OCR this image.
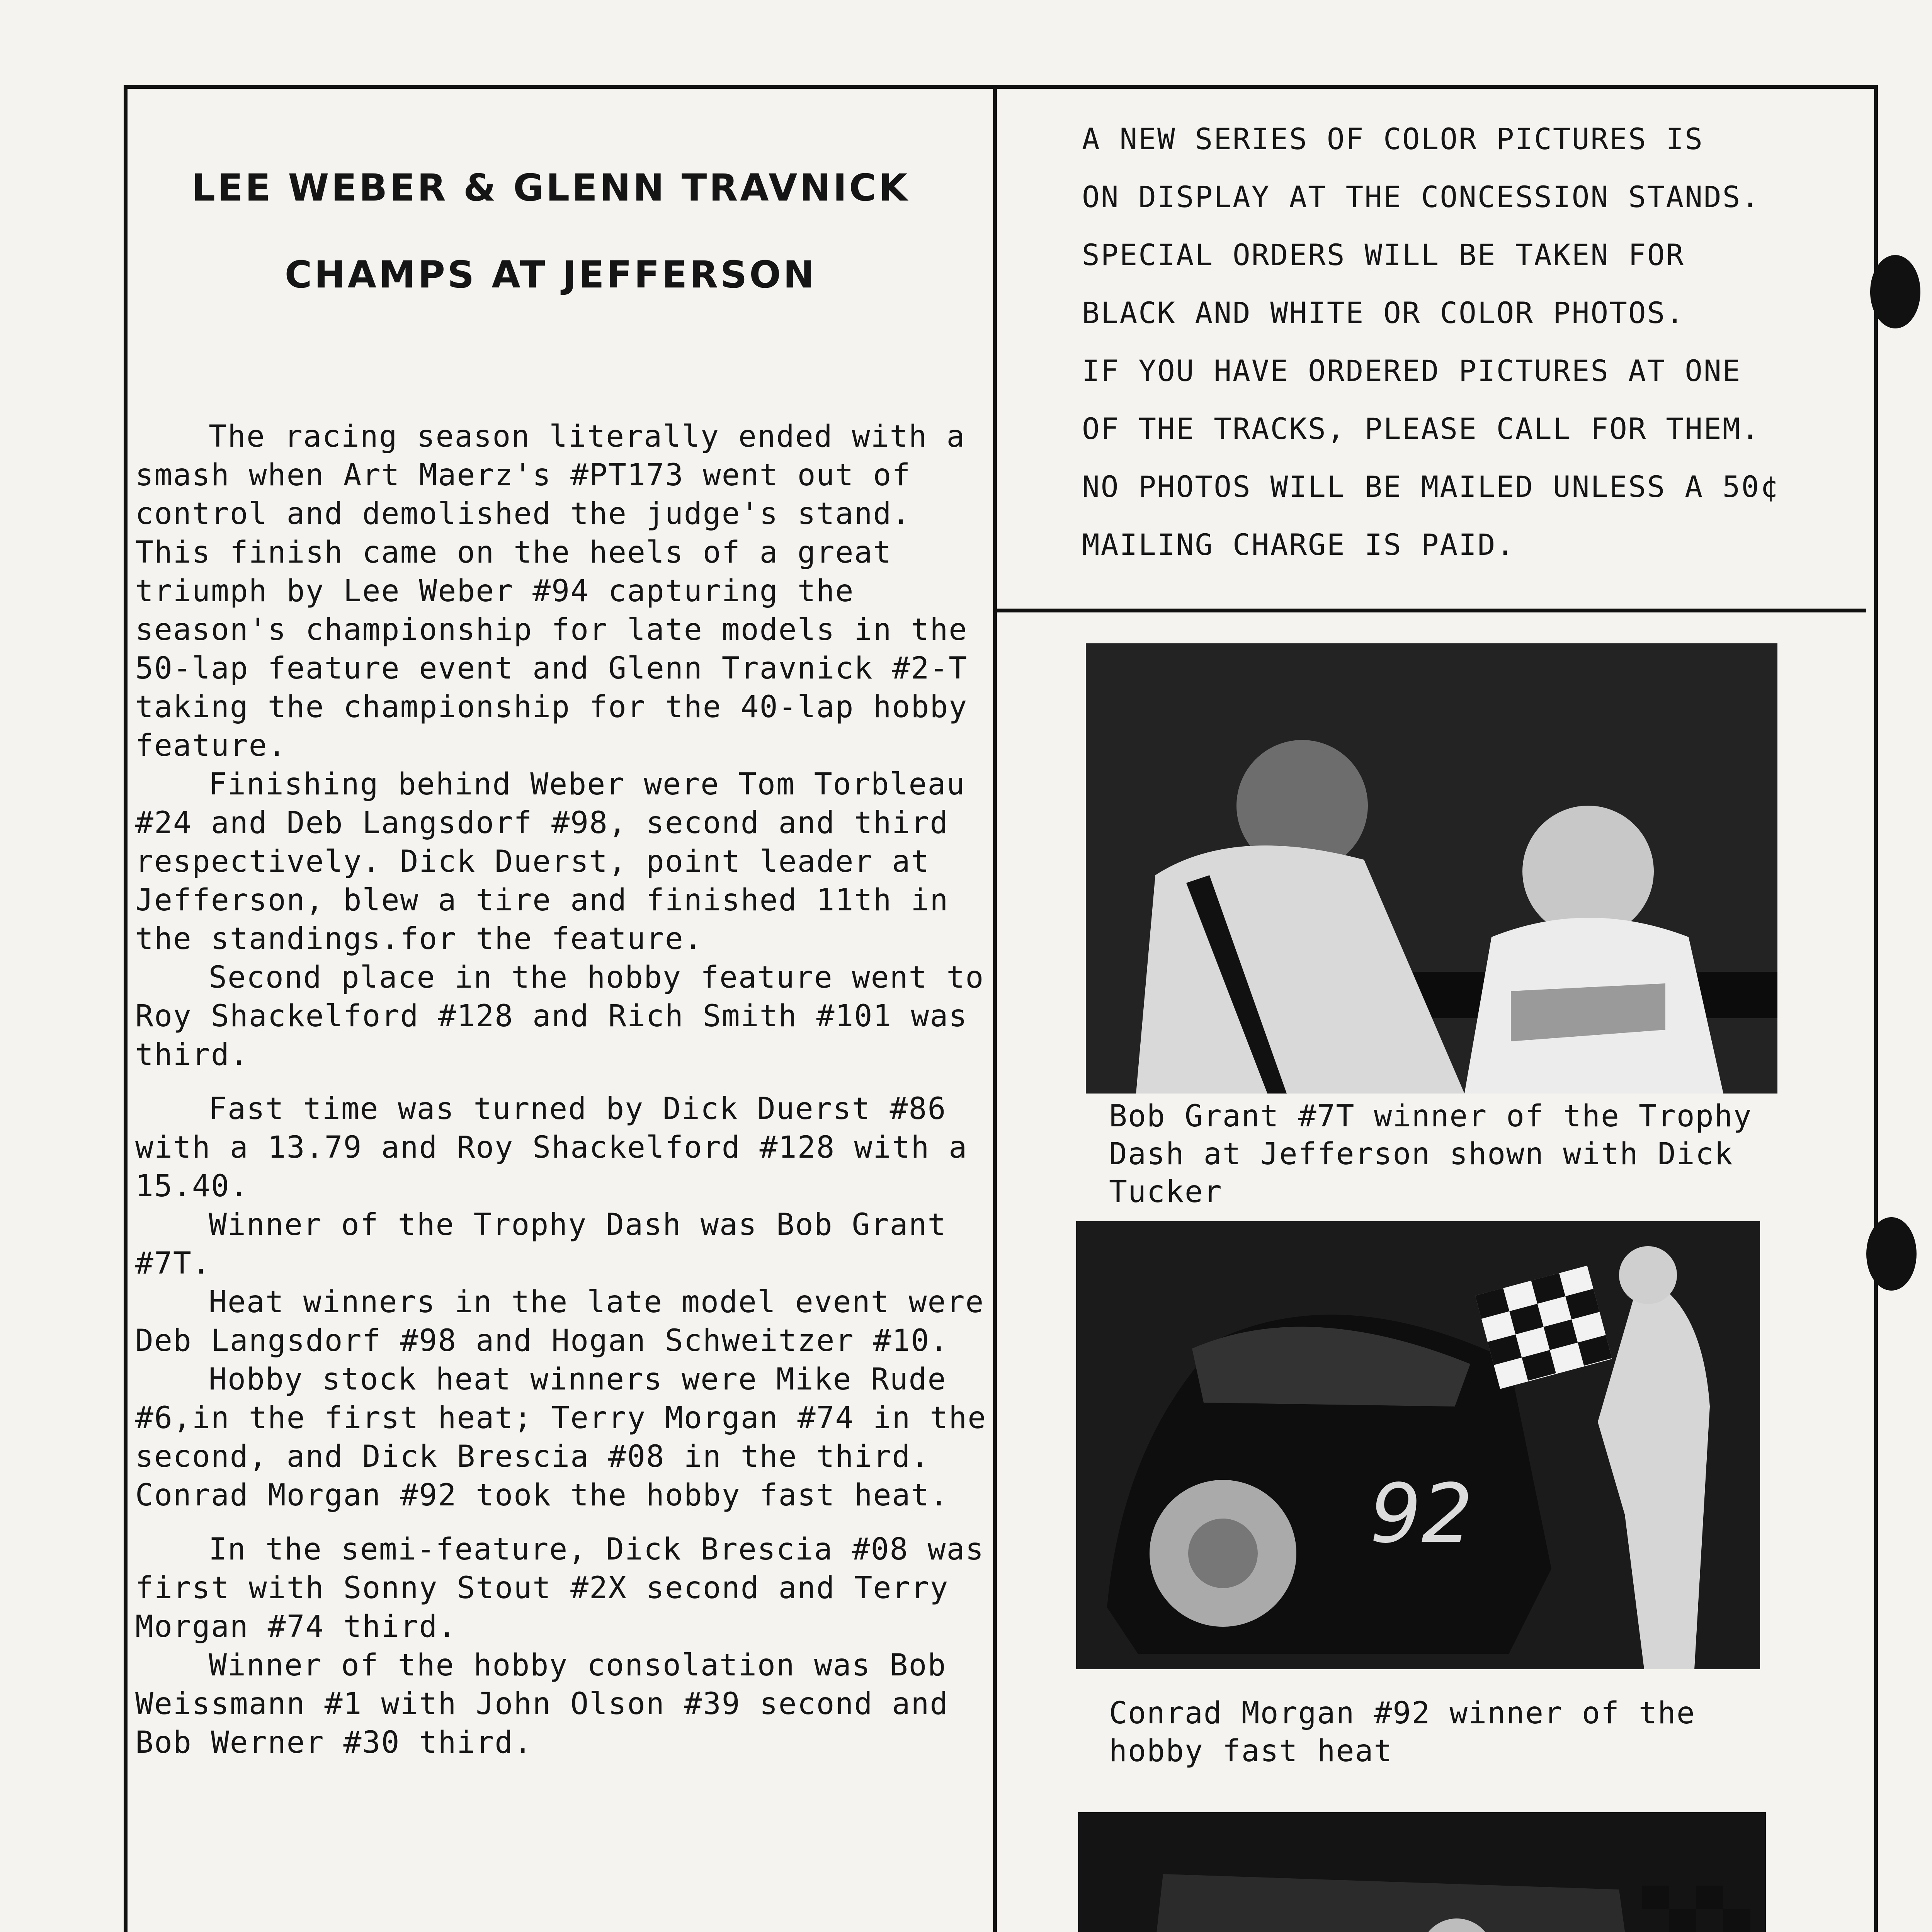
LEE WEBER & GLENN TRAVNICK
CHAMPS AT JEFFERSON

The racing season literally ended with a smash when Art Maerz's #PT173 went out of control and demolished the judge's stand. This finish came on the heels of a great triumph by Lee Weber #94 capturing the season's championship for late models in the 50-lap feature event and Glenn Travnick #2-T taking the championship for the 40-lap hobby feature.

Finishing behind Weber were Tom Torbleau #24 and Deb Langsdorf #98, second and third respectively. Dick Duerst, point leader at Jefferson, blew a tire and finished 11th in the standings.for the feature.

Second place in the hobby feature went to Roy Shackelford #128 and Rich Smith #101 was third.

Fast time was turned by Dick Duerst #86 with a 13.79 and Roy Shackelford #128 with a 15.40.

Winner of the Trophy Dash was Bob Grant #7T.

Heat winners in the late model event were Deb Langsdorf #98 and Hogan Schweitzer #10.

Hobby stock heat winners were Mike Rude #6,in the first heat; Terry Morgan #74 in the second, and Dick Brescia #08 in the third. Conrad Morgan #92 took the hobby fast heat.

In the semi-feature, Dick Brescia #08 was first with Sonny Stout #2X second and Terry Morgan #74 third.

Winner of the hobby consolation was Bob Weissmann #1 with John Olson #39 second and Bob Werner #30 third.

A NEW SERIES OF COLOR PICTURES IS

ON DISPLAY AT THE CONCESSION STANDS.

SPECIAL ORDERS WILL BE TAKEN FOR

BLACK AND WHITE OR COLOR PHOTOS.

IF YOU HAVE ORDERED PICTURES AT ONE

OF THE TRACKS, PLEASE CALL FOR THEM.

NO PHOTOS WILL BE MAILED UNLESS A 50¢

MAILING CHARGE IS PAID.

Bob Grant #7T winner of the Trophy Dash at Jefferson shown with Dick Tucker

92

Conrad Morgan #92 winner of the hobby fast heat
